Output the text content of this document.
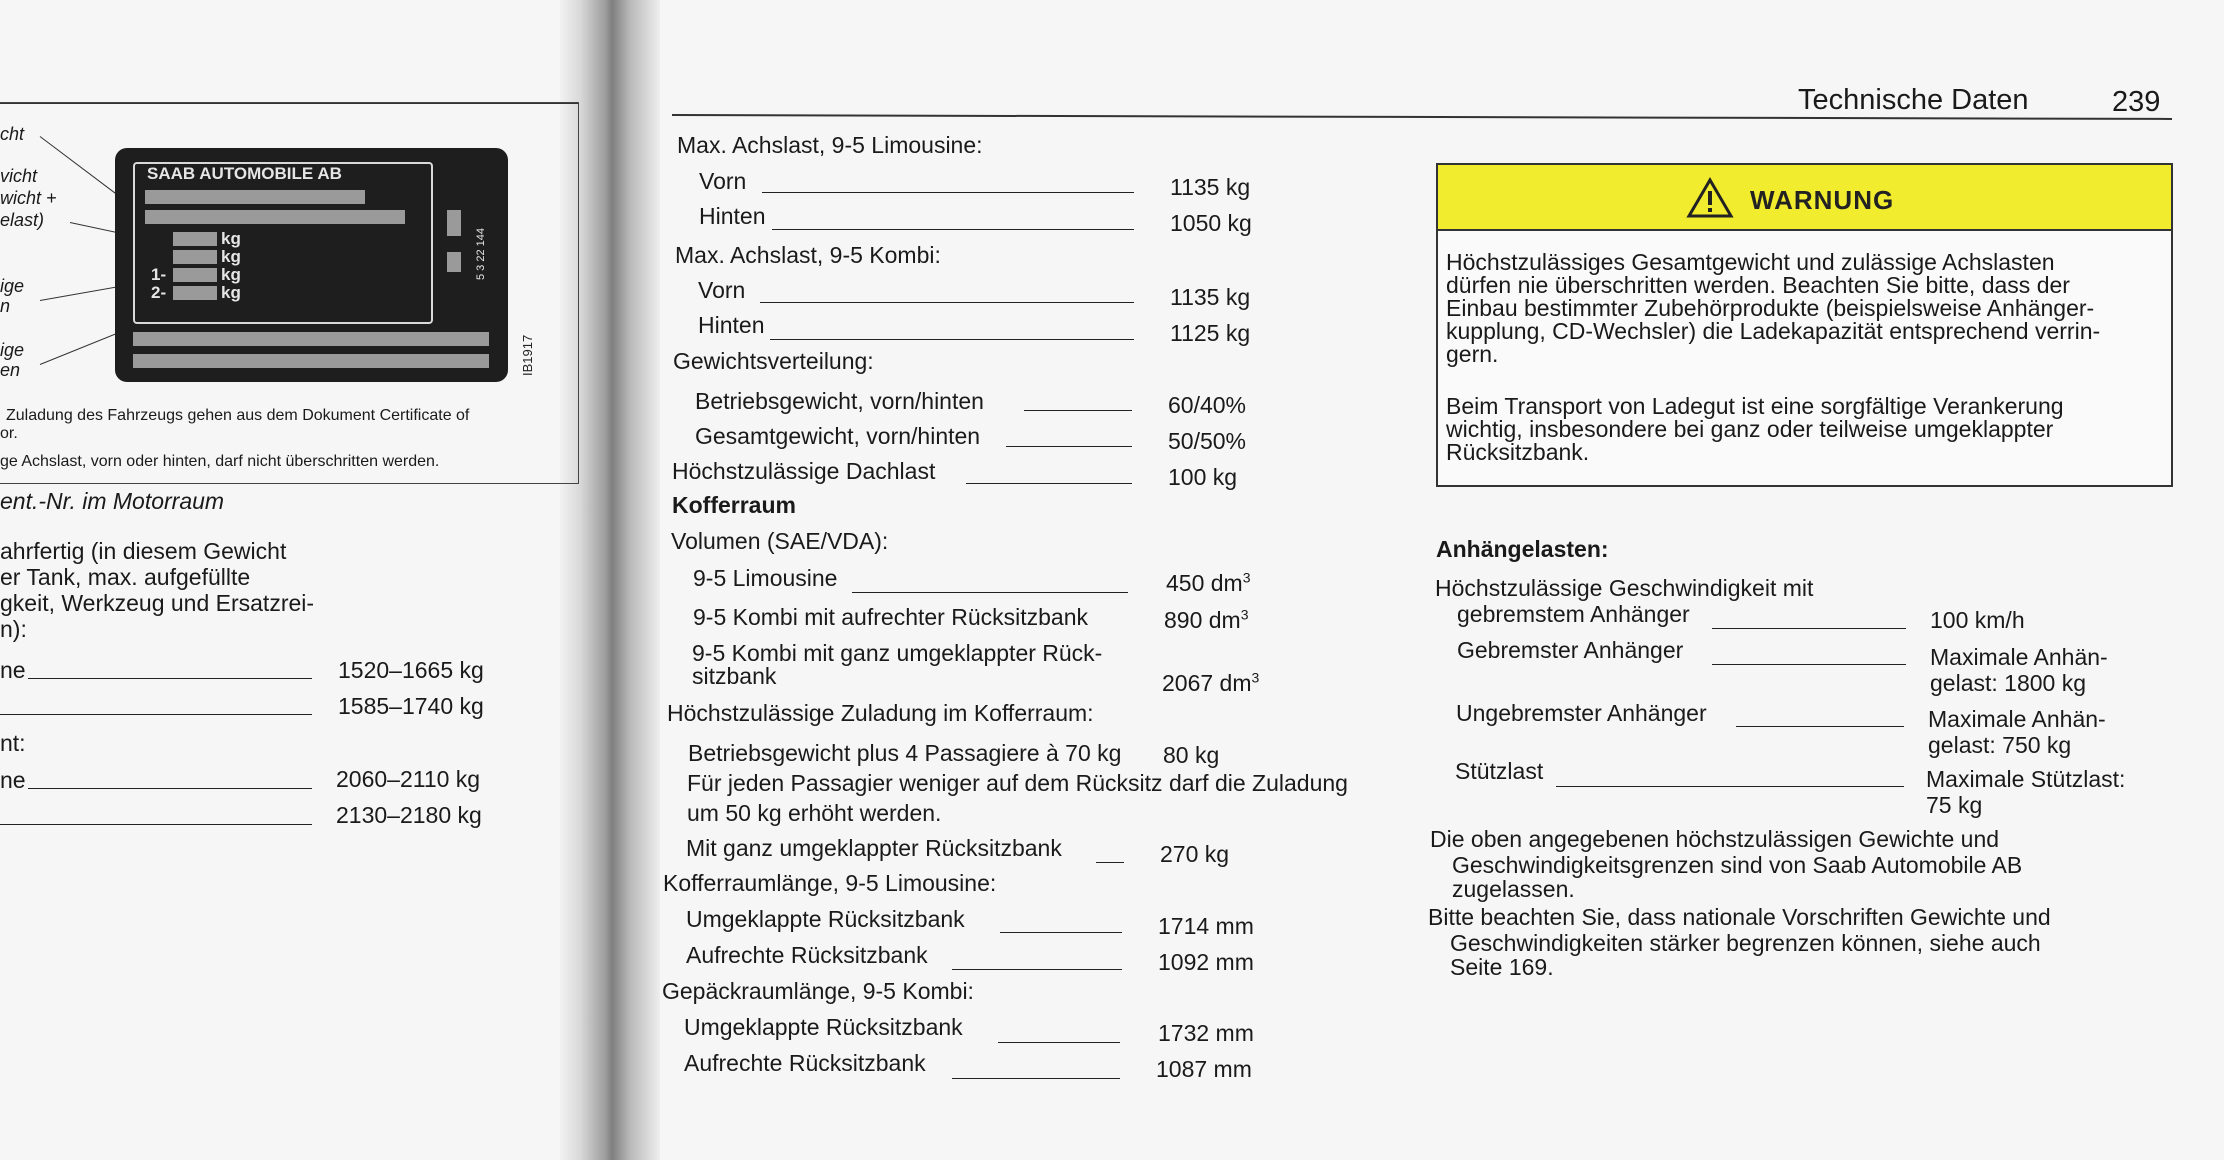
cht
vicht
wicht +
elast)
ige
n
ige
en
SAAB AUTOMOBILE AB
kg
kg
kg
kg
1-
2-
5 3 22 144
IB1917
Zuladung des Fahrzeugs gehen aus dem Dokument Certificate of
or.
ge Achslast, vorn oder hinten, darf nicht überschritten werden.
ent.-Nr. im Motorraum
ahrfertig (in diesem Gewicht
er Tank, max. aufgefüllte
gkeit, Werkzeug und Ersatzrei-
n):
ne	1520–1665 kg
1585–1740 kg
nt:
ne	2060–2110 kg
2130–2180 kg
Technische Daten	239
Max. Achslast, 9-5 Limousine:
Vorn	1135 kg
Hinten	1050 kg
Max. Achslast, 9-5 Kombi:
Vorn	1135 kg
Hinten	1125 kg
Gewichtsverteilung:
Betriebsgewicht, vorn/hinten	60/40%
Gesamtgewicht, vorn/hinten	50/50%
Höchstzulässige Dachlast	100 kg
Kofferraum
Volumen (SAE/VDA):
9-5 Limousine	450 $dm^3$
9-5 Kombi mit aufrechter Rücksitzbank	890 $dm^3$
9-5 Kombi mit ganz umgeklappter Rück-
sitzbank	2067 $dm^3$
Höchstzulässige Zuladung im Kofferraum:
Betriebsgewicht plus 4 Passagiere à 70 kg 80 kg
Für jeden Passagier weniger auf dem Rücksitz darf die Zuladung
um 50 kg erhöht werden.
Mit ganz umgeklappter Rücksitzbank	270 kg
Kofferraumlänge, 9-5 Limousine:
Umgeklappte Rücksitzbank	1714 mm
Aufrechte Rücksitzbank	1092 mm
Gepäckraumlänge, 9-5 Kombi:
Umgeklappte Rücksitzbank	1732 mm
Aufrechte Rücksitzbank	1087 mm
WARNUNG
Höchstzulässiges Gesamtgewicht und zulässige Achslasten
dürfen nie überschritten werden. Beachten Sie bitte, dass der
Einbau bestimmter Zubehörprodukte (beispielsweise Anhänger-
kupplung, CD-Wechsler) die Ladekapazität entsprechend verrin-
gern.
Beim Transport von Ladegut ist eine sorgfältige Verankerung
wichtig, insbesondere bei ganz oder teilweise umgeklappter
Rücksitzbank.
Anhängelasten:
Höchstzulässige Geschwindigkeit mit
gebremstem Anhänger	100 km/h
Gebremster Anhänger	Maximale Anhän-
gelast: 1800 kg
Ungebremster Anhänger	Maximale Anhän-
gelast: 750 kg
Stützlast	Maximale Stützlast:
75 kg
Die oben angegebenen höchstzulässigen Gewichte und
Geschwindigkeitsgrenzen sind von Saab Automobile AB
zugelassen.
Bitte beachten Sie, dass nationale Vorschriften Gewichte und
Geschwindigkeiten stärker begrenzen können, siehe auch
Seite 169.
